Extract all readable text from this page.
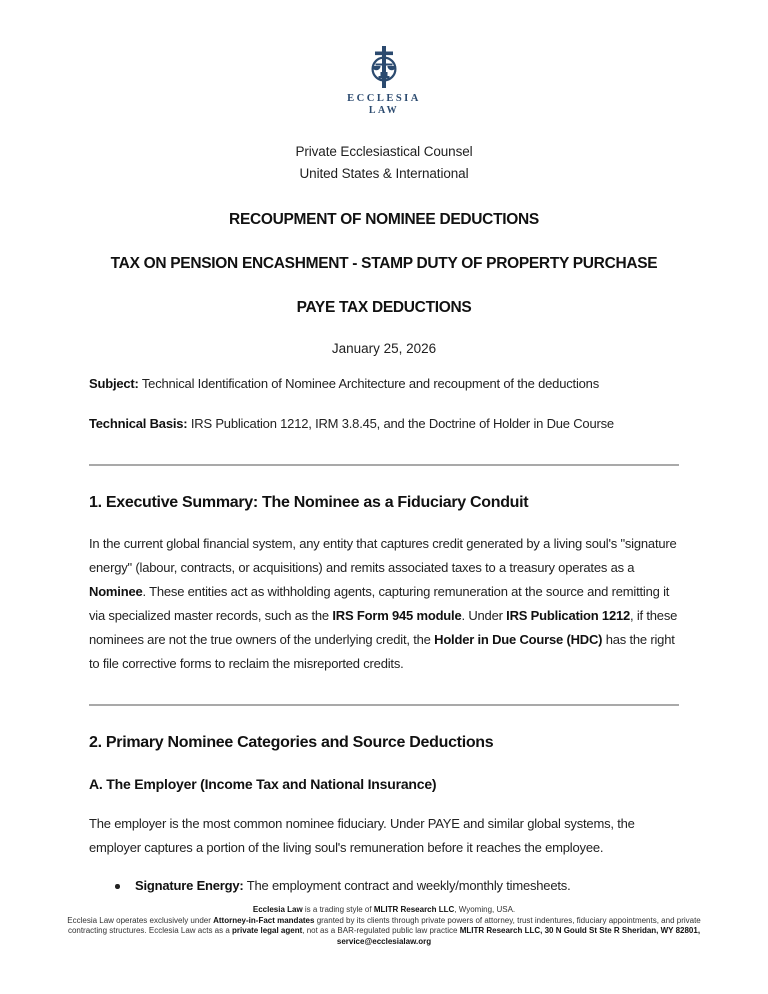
ECCLESIA
LAW
Private Ecclesiastical Counsel
United States & International
RECOUPMENT OF NOMINEE DEDUCTIONS
TAX ON PENSION ENCASHMENT - STAMP DUTY OF PROPERTY PURCHASE
PAYE TAX DEDUCTIONS
January 25, 2026
Subject: Technical Identification of Nominee Architecture and recoupment of the deductions
Technical Basis: IRS Publication 1212, IRM 3.8.45, and the Doctrine of Holder in Due Course
1. Executive Summary: The Nominee as a Fiduciary Conduit
In the current global financial system, any entity that captures credit generated by a living soul's "signature energy" (labour, contracts, or acquisitions) and remits associated taxes to a treasury operates as a Nominee. These entities act as withholding agents, capturing remuneration at the source and remitting it via specialized master records, such as the IRS Form 945 module. Under IRS Publication 1212, if these nominees are not the true owners of the underlying credit, the Holder in Due Course (HDC) has the right to file corrective forms to reclaim the misreported credits.
2. Primary Nominee Categories and Source Deductions
A. The Employer (Income Tax and National Insurance)
The employer is the most common nominee fiduciary. Under PAYE and similar global systems, the employer captures a portion of the living soul's remuneration before it reaches the employee.
Signature Energy: The employment contract and weekly/monthly timesheets.
Ecclesia Law is a trading style of MLITR Research LLC, Wyoming, USA.
Ecclesia Law operates exclusively under Attorney-in-Fact mandates granted by its clients through private powers of attorney, trust indentures, fiduciary appointments, and private contracting structures. Ecclesia Law acts as a private legal agent, not as a BAR-regulated public law practice MLITR Research LLC, 30 N Gould St Ste R Sheridan, WY 82801,
service@ecclesialaw.org
